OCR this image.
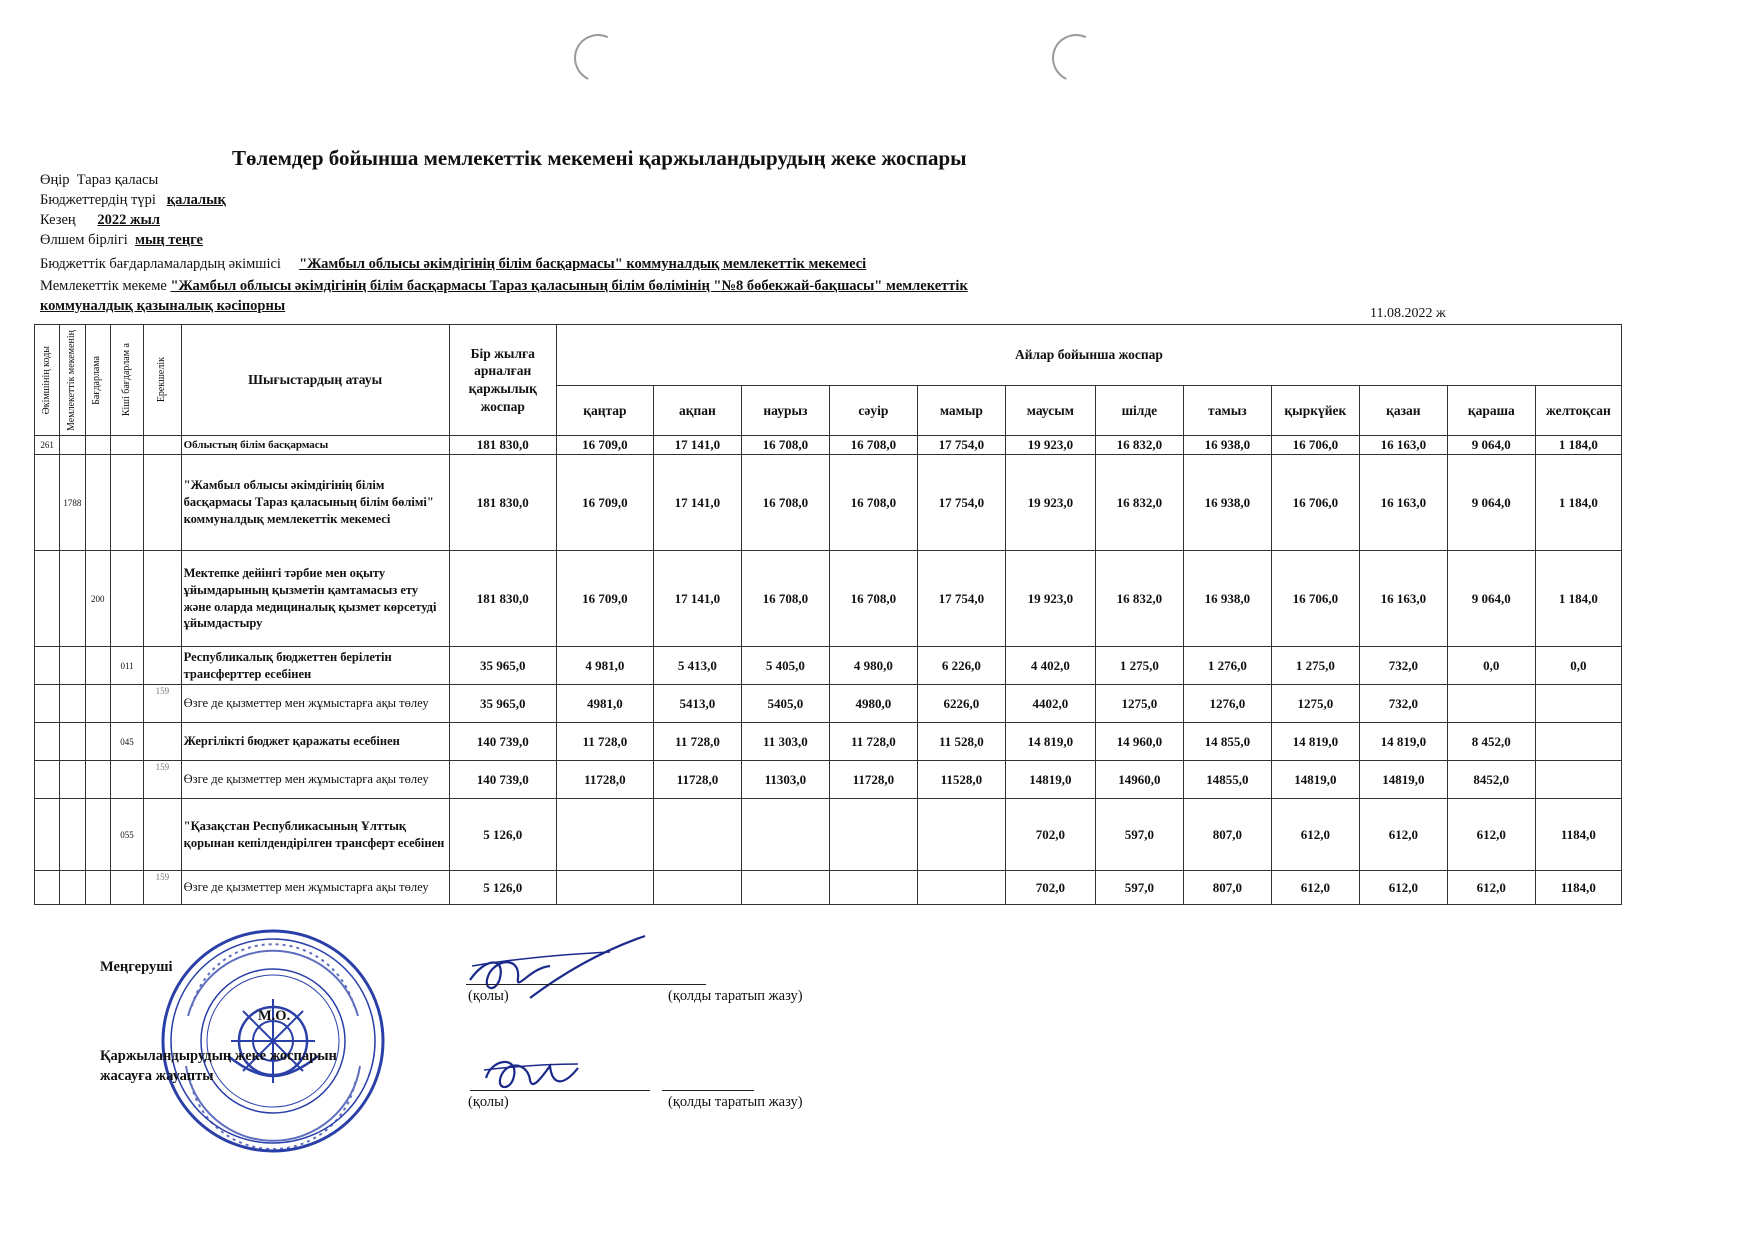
Төлемдер бойынша мемлекеттік мекемені қаржыландырудың жеке жоспары
Өңір Тараз қаласы
Бюджеттердің түрі қалалық
Кезең 2022 жыл
Өлшем бірлігі мың теңге
Бюджеттік бағдарламалардың әкімшісі "Жамбыл облысы әкімдігінің білім басқармасы" коммуналдық мемлекеттік мекемесі
Мемлекеттік мекеме "Жамбыл облысы әкімдігінің білім басқармасы Тараз қаласының білім бөлімінің "№8 бөбекжай-бақшасы" мемлекеттік
коммуналдық қазыналық кәсіпорны	11.08.2022 ж
Әкімшінің коды	Мемлекеттік мекеменің	Бағдарлама	Кіші бағдарлам а	Ерекшелік	Шығыстардың атауы	Бір жылға арналған қаржылық жоспар	Айлар бойынша жоспар											
							қаңтар	ақпан	наурыз	сәуір	мамыр	маусым	шілде	тамыз	қыркүйек	қазан	қараша	желтоқсан
261					Облыстың білім басқармасы	181 830,0	16 709,0	17 141,0	16 708,0	16 708,0	17 754,0	19 923,0	16 832,0	16 938,0	16 706,0	16 163,0	9 064,0	1 184,0
	1788				"Жамбыл облысы әкімдігінің білім басқармасы Тараз қаласының білім бөлімі" коммуналдық мемлекеттік мекемесі	181 830,0	16 709,0	17 141,0	16 708,0	16 708,0	17 754,0	19 923,0	16 832,0	16 938,0	16 706,0	16 163,0	9 064,0	1 184,0
		200			Мектепке дейінгі тәрбие мен оқыту ұйымдарының қызметін қамтамасыз ету және оларда медициналық қызмет көрсетуді ұйымдастыру	181 830,0	16 709,0	17 141,0	16 708,0	16 708,0	17 754,0	19 923,0	16 832,0	16 938,0	16 706,0	16 163,0	9 064,0	1 184,0
			011		Республикалық бюджеттен берілетін трансферттер есебінен	35 965,0	4 981,0	5 413,0	5 405,0	4 980,0	6 226,0	4 402,0	1 275,0	1 276,0	1 275,0	732,0	0,0	0,0
				159	Өзге де қызметтер мен жұмыстарға ақы төлеу	35 965,0	4981,0	5413,0	5405,0	4980,0	6226,0	4402,0	1275,0	1276,0	1275,0	732,0		
			045		Жергілікті бюджет қаражаты есебінен	140 739,0	11 728,0	11 728,0	11 303,0	11 728,0	11 528,0	14 819,0	14 960,0	14 855,0	14 819,0	14 819,0	8 452,0	
				159	Өзге де қызметтер мен жұмыстарға ақы төлеу	140 739,0	11728,0	11728,0	11303,0	11728,0	11528,0	14819,0	14960,0	14855,0	14819,0	14819,0	8452,0	
			055		"Қазақстан Республикасының Ұлттық қорынан кепілдендірілген трансферт есебінен	5 126,0						702,0	597,0	807,0	612,0	612,0	612,0	1184,0
				159	Өзге де қызметтер мен жұмыстарға ақы төлеу	5 126,0						702,0	597,0	807,0	612,0	612,0	612,0	1184,0
Меңгеруші
М.О.
(қолы)	(қолды таратып жазу)
Қаржыландырудың жеке жоспарын
жасауға жауапты
(қолы)	(қолды таратып жазу)
